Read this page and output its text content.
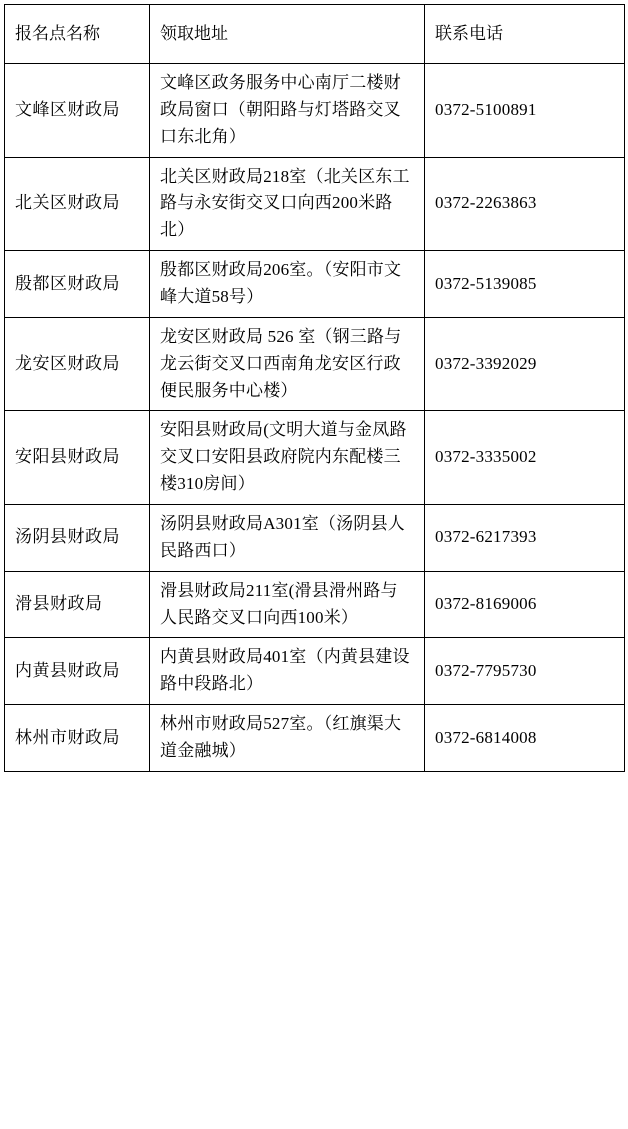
报名点名称	领取地址	联系电话
文峰区财政局	文峰区政务服务中心南厅二楼财政局窗口（朝阳路与灯塔路交叉口东北角）	0372-5100891
北关区财政局	北关区财政局218室（北关区东工路与永安街交叉口向西200米路北）	0372-2263863
殷都区财政局	殷都区财政局206室。（安阳市文峰大道58号）	0372-5139085
龙安区财政局	龙安区财政局 526 室（钢三路与龙云街交叉口西南角龙安区行政便民服务中心楼）	0372-3392029
安阳县财政局	安阳县财政局(文明大道与金凤路交叉口安阳县政府院内东配楼三楼310房间）	0372-3335002
汤阴县财政局	汤阴县财政局A301室（汤阴县人民路西口）	0372-6217393
滑县财政局	滑县财政局211室(滑县滑州路与人民路交叉口向西100米）	0372-8169006
内黄县财政局	内黄县财政局401室（内黄县建设路中段路北）	0372-7795730
林州市财政局	林州市财政局527室。（红旗渠大道金融城）	0372-6814008
